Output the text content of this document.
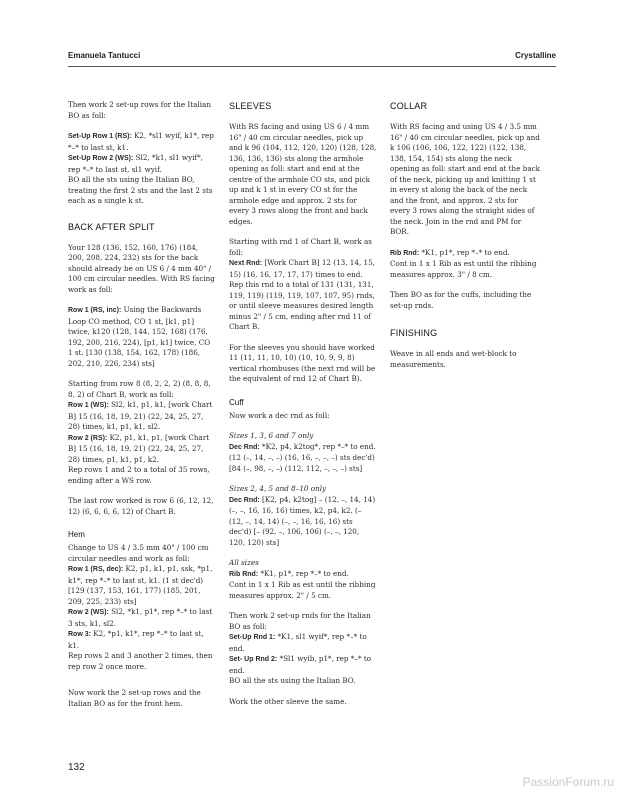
Emanuela Tantucci	Crystalline

Then work 2 set-up rows for the Italian BO as foll:

Set-Up Row 1 (RS): K2, *sl1 wyif, k1*, rep *–* to last st, k1.
Set-Up Row 2 (WS): Sl2, *k1, sl1 wyif*, rep *–* to last st, sl1 wyif.
BO all the sts using the Italian BO, treating the first 2 sts and the last 2 sts each as a single k st.

BACK AFTER SPLIT

Your 128 (136, 152, 160, 176) (184, 200, 208, 224, 232) sts for the back should already be on US 6 / 4 mm 40" / 100 cm circular needles. With RS facing work as foll:

Row 1 (RS, inc): Using the Backwards Loop CO method, CO 1 st, [k1, p1] twice, k120 (128, 144, 152, 168) (176, 192, 200, 216, 224), [p1, k1] twice, CO 1 st. [130 (138, 154, 162, 178) (186, 202, 210, 226, 234) sts]

Starting from row 8 (8, 2, 2, 2) (8, 8, 8, 8, 2) of Chart B, work as foll:
Row 1 (WS): Sl2, k1, p1, k1, [work Chart B] 15 (16, 18, 19, 21) (22, 24, 25, 27, 28) times, k1, p1, k1, sl2.
Row 2 (RS): K2, p1, k1, p1, [work Chart B] 15 (16, 18, 19, 21) (22, 24, 25, 27, 28) times, p1, k1, p1, k2.
Rep rows 1 and 2 to a total of 35 rows, ending after a WS row.

The last row worked is row 6 (6, 12, 12, 12) (6, 6, 6, 6, 12) of Chart B.

Hem

Change to US 4 / 3.5 mm 40" / 100 cm circular needles and work as foll:

Row 1 (RS, dec): K2, p1, k1, p1, ssk, *p1, k1*, rep *–* to last st, k1. (1 st dec'd) [129 (137, 153, 161, 177) (185, 201, 209, 225, 233) sts]
Row 2 (WS): Sl2, *k1, p1*, rep *–* to last 3 sts, k1, sl2.
Row 3: K2, *p1, k1*, rep *–* to last st, k1.
Rep rows 2 and 3 another 2 times, then rep row 2 once more.

Now work the 2 set-up rows and the Italian BO as for the front hem.

SLEEVES

With RS facing and using US 6 / 4 mm 16" / 40 cm circular needles, pick up and k 96 (104, 112, 120, 120) (128, 128, 136, 136, 136) sts along the armhole opening as foll: start and end at the centre of the armhole CO sts, and pick up and k 1 st in every CO st for the armhole edge and approx. 2 sts for every 3 rows along the front and back edges.

Starting with rnd 1 of Chart B, work as foll:
Next Rnd: [Work Chart B] 12 (13, 14, 15, 15) (16, 16, 17, 17, 17) times to end.
Rep this rnd to a total of 131 (131, 131, 119, 119) (119, 119, 107, 107, 95) rnds, or until sleeve measures desired length minus 2" / 5 cm, ending after rnd 11 of Chart B.

For the sleeves you should have worked 11 (11, 11, 10, 10) (10, 10, 9, 9, 8) vertical rhombuses (the next rnd will be the equivalent of rnd 12 of Chart B).

Cuff

Now work a dec rnd as foll:

Sizes 1, 3, 6 and 7 only
Dec Rnd: *K2, p4, k2tog*, rep *–* to end. (12 (–, 14, –, –) (16, 16, –, –, –) sts dec'd) [84 (–, 98, –, –) (112, 112, –, –, –) sts]

Sizes 2, 4, 5 and 8–10 only
Dec Rnd: [K2, p4, k2tog] – (12, –, 14, 14) (–, –, 16, 16, 16) times, k2, p4, k2. (– (12, –, 14, 14) (–, –, 16, 16, 16) sts dec'd) [– (92, –, 106, 106) (–, –, 120, 120, 120) sts]

All sizes
Rib Rnd: *K1, p1*, rep *–* to end.
Cont in 1 x 1 Rib as est until the ribbing measures approx. 2" / 5 cm.

Then work 2 set-up rnds for the Italian BO as foll:
Set-Up Rnd 1: *K1, sl1 wyif*, rep *–* to end.
Set- Up Rnd 2: *Sl1 wyib, p1*, rep *–* to end.
BO all the sts using the Italian BO.

Work the other sleeve the same.

COLLAR

With RS facing and using US 4 / 3.5 mm 16" / 40 cm circular needles, pick up and k 106 (106, 106, 122, 122) (122, 138, 138, 154, 154) sts along the neck opening as foll: start and end at the back of the neck, picking up and knitting 1 st in every st along the back of the neck and the front, and approx. 2 sts for every 3 rows along the straight sides of the neck. Join in the rnd and PM for BOR.

Rib Rnd: *K1, p1*, rep *–* to end.
Cont in 1 x 1 Rib as est until the ribbing measures approx. 3" / 8 cm.

Then BO as for the cuffs, including the set-up rnds.

FINISHING

Weave in all ends and wet-block to measurements.

132
PassionForum.ru
